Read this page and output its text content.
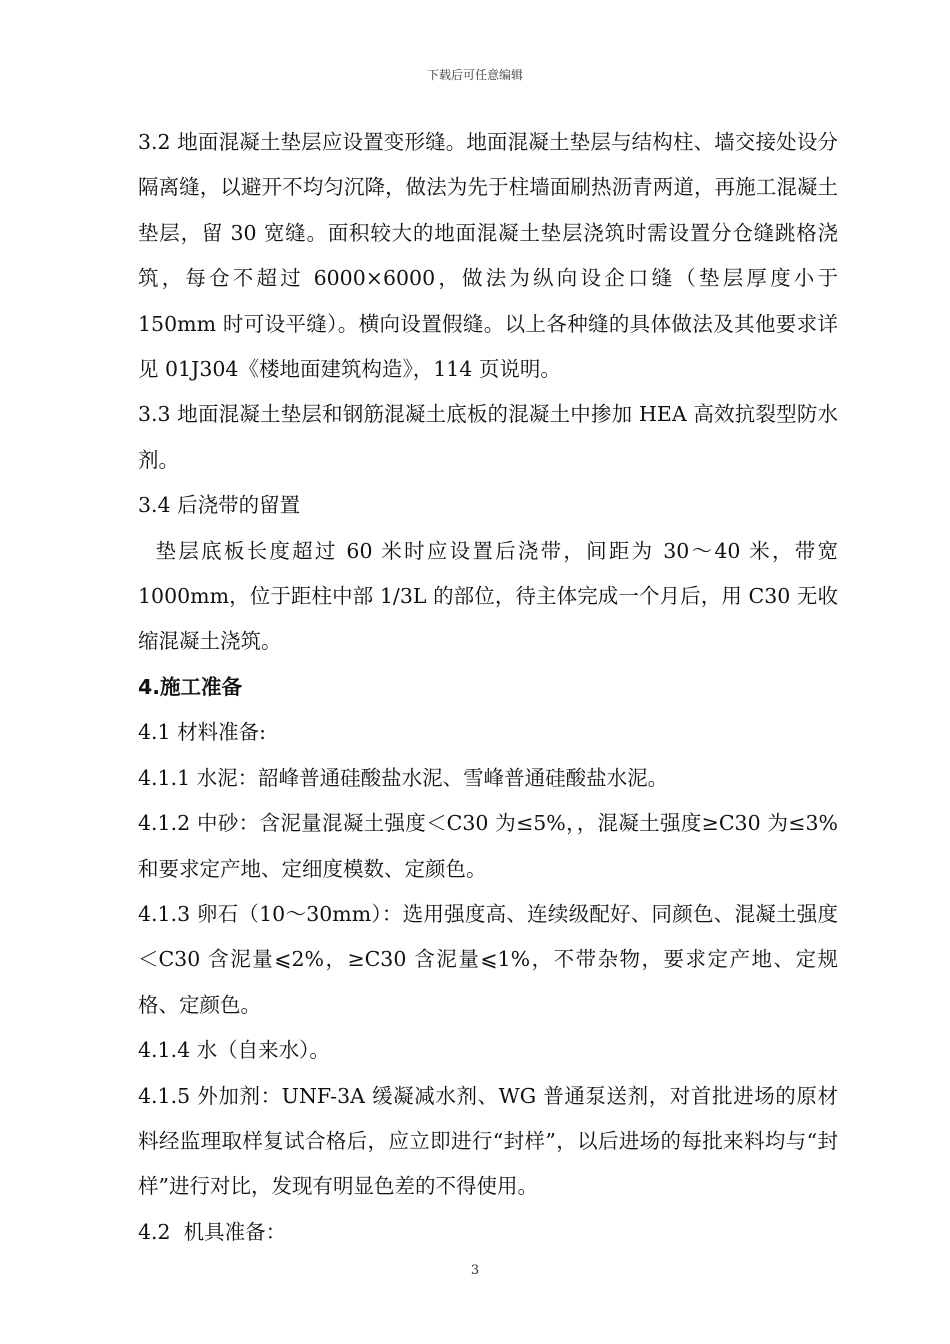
下载后可任意编辑

3.2 地面混凝土垫层应设置变形缝。地面混凝土垫层与结构柱、墙交接处设分隔离缝，以避开不均匀沉降，做法为先于柱墙面刷热沥青两道，再施工混凝土垫层，留 30 宽缝。面积较大的地面混凝土垫层浇筑时需设置分仓缝跳格浇筑，每仓不超过 6000×6000，做法为纵向设企口缝（垫层厚度小于 150mm 时可设平缝）。横向设置假缝。以上各种缝的具体做法及其他要求详见 01J304《楼地面建筑构造》，114 页说明。

3.3 地面混凝土垫层和钢筋混凝土底板的混凝土中掺加 HEA 高效抗裂型防水剂。

3.4 后浇带的留置

垫层底板长度超过 60 米时应设置后浇带，间距为 30～40 米，带宽 1000mm，位于距柱中部 1/3L 的部位，待主体完成一个月后，用 C30 无收缩混凝土浇筑。

4.施工准备

4.1 材料准备:

4.1.1 水泥：韶峰普通硅酸盐水泥、雪峰普通硅酸盐水泥。

4.1.2 中砂：含泥量混凝土强度＜C30 为≤5%，，混凝土强度≥C30 为≤3%和要求定产地、定细度模数、定颜色。

4.1.3 卵石（10～30mm）：选用强度高、连续级配好、同颜色、混凝土强度＜C30 含泥量⩽2%，≥C30 含泥量⩽1%，不带杂物，要求定产地、定规格、定颜色。

4.1.4 水（自来水）。

4.1.5 外加剂：UNF-3A 缓凝减水剂、WG 普通泵送剂，对首批进场的原材料经监理取样复试合格后，应立即进行“封样”，以后进场的每批来料均与“封样”进行对比，发现有明显色差的不得使用。

4.2  机具准备：

3
